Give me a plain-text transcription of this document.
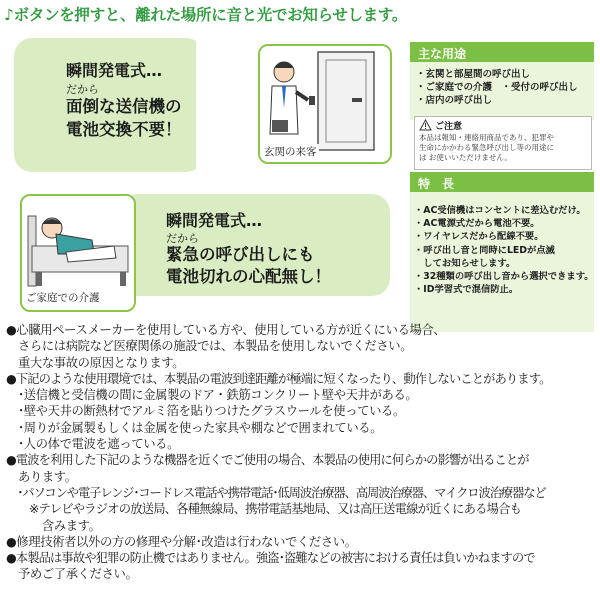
♪ボタンを押すと、離れた場所に音と光でお知らせします。
瞬間発電式…
だから
面倒な送信機の
電池交換不要！
玄関の来客
瞬間発電式…
だから
緊急の呼び出しにも
電池切れの心配無し！
ご家庭での介護
主な用途
・玄関と部屋間の呼び出し
・ご家庭での介護　・受付の呼び出し
・店内の呼び出し
ご注意
本品は報知・連絡用商品であり、犯罪や
生命にかかわる緊急呼び出し等の用途に
は お使いいただけません。
特　長
・AC受信機はコンセントに差込むだけ。
・AC電源式だから電池不要。
・ワイヤレスだから配線不要。
・呼び出し音と同時にLEDが点滅
　してお知らせします。
・32種類の呼び出し音から選択できます。
・ID学習式で混信防止。
●心臓用ペースメーカーを使用している方や、使用している方が近くにいる場合、
　さらには病院など医療関係の施設では、本製品を使用しないでください。
　重大な事故の原因となります。
●下記のような使用環境では、本製品の電波到達距離が極端に短くなったり、動作しないことがあります。
　･送信機と受信機の間に金属製のドア・鉄筋コンクリート壁や天井がある。
　･壁や天井の断熱材でアルミ箔を貼りつけたグラスウールを使っている。
　･周りが金属製もしくは金属を使った家具や棚などで囲まれている。
　･人の体で電波を遮っている。
●電波を利用した下記のような機器を近くでご使用の場合、本製品の使用に何らかの影響が出ることが
　あります。
　･パソコンや電子レンジ･コードレス電話や携帯電話･低周波治療器、高周波治療器、マイクロ波治療器など
　　※テレビやラジオの放送局、各種無線局、携帯電話基地局、又は高圧送電線が近くにある場合も
　　　含みます。
●修理技術者以外の方の修理や分解･改造は行わないでください。
●本製品は事故や犯罪の防止機ではありません。強盗･盗難などの被害における責任は負いかねますので
　予めご了承ください。
